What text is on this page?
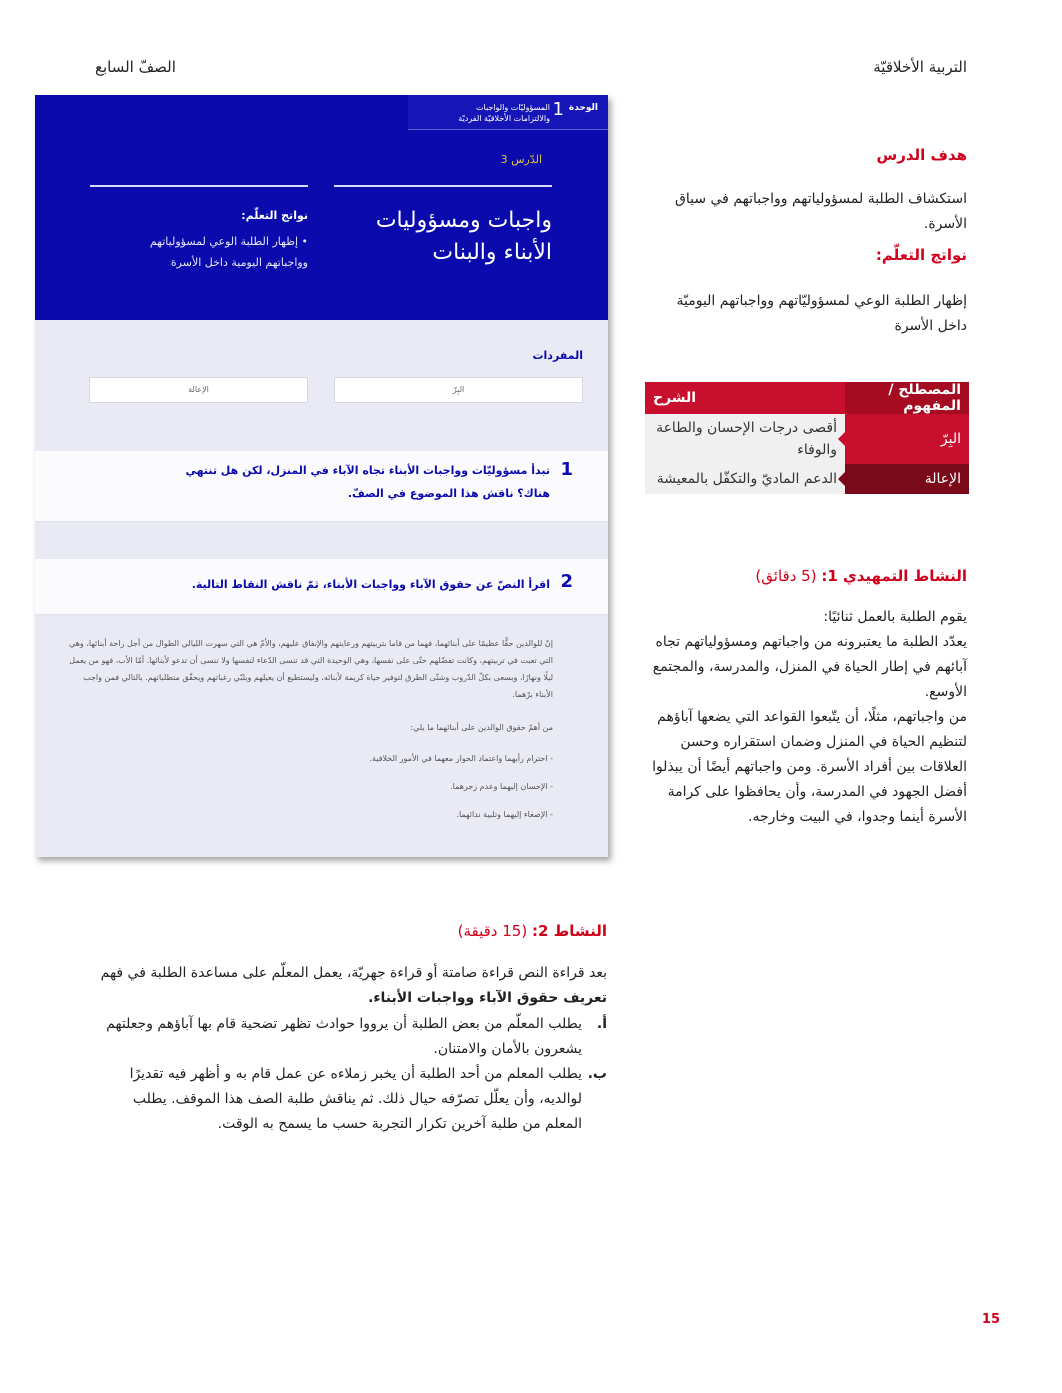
التربية الأخلاقيّة
الصفّ السابع
الوحدة
1
المسؤوليّات والواجبات
والالتزامات الأخلاقيّة الفرديّة
الدّرس 3
واجبات ومسؤوليات الأبناء والبنات
نواتج التعلّم:
• إظهار الطلبة الوعي لمسؤولياتهم وواجباتهم اليومية داخل الأسرة
المفردات
البِرّ
الإعالة
1
تبدأ مسؤوليّات وواجبات الأبناء تجاه الآباء في المنزل، لكن هل تنتهي هناك؟ ناقش هذا الموضوع في الصفّ.
2
اقرأ النصّ عن حقوق الآباء وواجبات الأبناء، ثمّ ناقش النقاط التالية.
إنّ للوالدين حقًّا عظيمًا على أبنائهما، فهما من قاما بتربيتهم ورعايتهم والإنفاق عليهم، والأمّ هي التي سهرت الليالي الطوال من أجل راحة أبنائها، وهي التي تعبت في تربيتهم، وكانت تفضّلهم حتّى على نفسها، وهي الوحيدة التي قد تنسى الدّعاء لنفسها ولا تنسى أن تدعو لأبنائها. أمّا الأب، فهو من يعمل ليلًا ونهارًا، ويسعى بكلّ الدّروب وشتّى الطرق لتوفير حياة كريمة لأبنائه، وليستطيع أن يعيلهم ويلبّي رغباتهم ويحقّق متطلباتهم. بالتالي فمن واجب الأبناء برّهما.
من أهمّ حقوق الوالدين على أبنائهما ما يلي:
- احترام رأيهما واعتماد الحوار معهما في الأمور الخلافية.
- الإحسان إليهما وعدم زجرهما.
- الإصغاء إليهما وتلبية ندائهما.
هدف الدرس
استكشاف الطلبة لمسؤولياتهم وواجباتهم في سياق الأسرة.
نواتج التعلّم:
إظهار الطلبة الوعي لمسؤوليّاتهم وواجباتهم اليوميّة داخل الأسرة
المصطلح / المفهوم	الشرح
البِرّ	أقصى درجات الإحسان والطاعة والوفاء
الإعالة	الدعم الماديّ والتكفّل بالمعيشة
النشاط التمهيدي 1: (5 دقائق)
يقوم الطلبة بالعمل ثنائيًا:
يعدّد الطلبة ما يعتبرونه من واجباتهم ومسؤولياتهم تجاه آبائهم في إطار الحياة في المنزل، والمدرسة، والمجتمع الأوسع.
من واجباتهم، مثلًا، أن يتّبعوا القواعد التي يضعها آباؤهم لتنظيم الحياة في المنزل وضمان استقراره وحسن العلاقات بين أفراد الأسرة. ومن واجباتهم أيضًا أن يبذلوا أفضل الجهود في المدرسة، وأن يحافظوا على كرامة الأسرة أينما وجدوا، في البيت وخارجه.
النشاط 2: (15 دقيقة)
بعد قراءة النص قراءة صامتة أو قراءة جهريّة، يعمل المعلّم على مساعدة الطلبة في فهم تعريف حقوق الآباء وواجبات الأبناء.
أ.
يطلب المعلّم من بعض الطلبة أن يرووا حوادث تظهر تضحية قام بها آباؤهم وجعلتهم يشعرون بالأمان والامتنان.
ب.
يطلب المعلم من أحد الطلبة أن يخبر زملاءه عن عمل قام به و أظهر فيه تقديرًا لوالديه، وأن يعلّل تصرّفه حيال ذلك. ثم يناقش طلبة الصف هذا الموقف. يطلب المعلم من طلبة آخرين تكرار التجربة حسب ما يسمح به الوقت.
15
